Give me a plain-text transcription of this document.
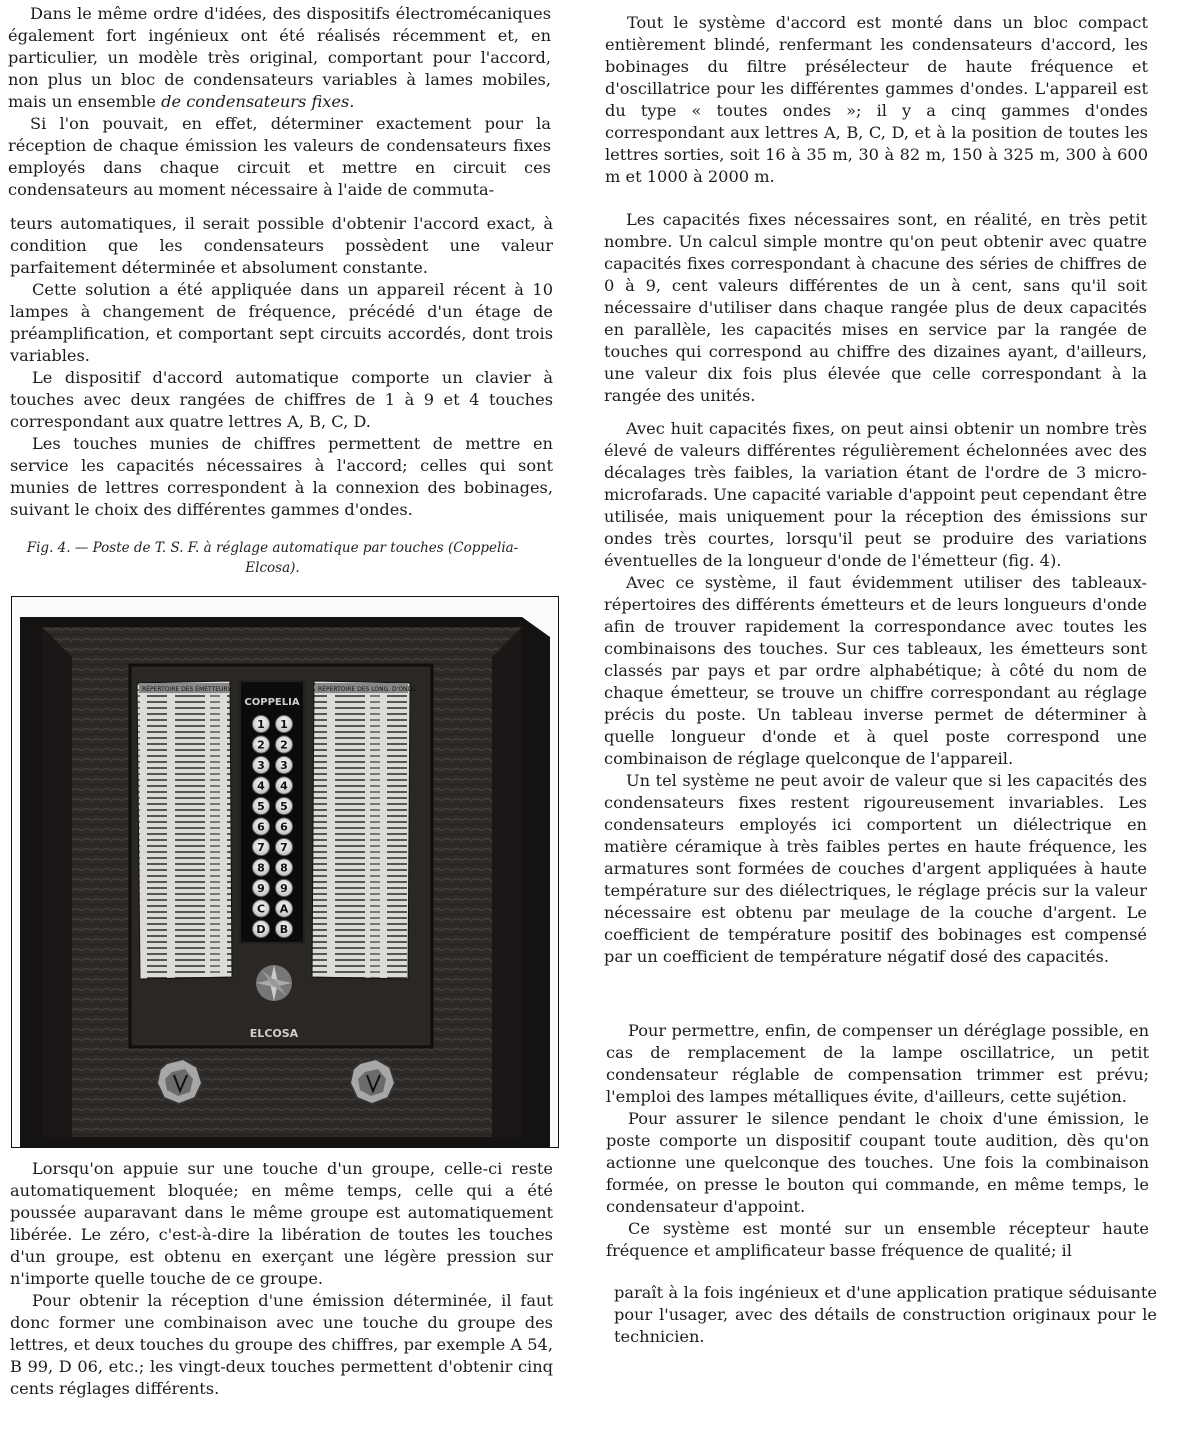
Dans le même ordre d'idées, des dispositifs électromécaniques également fort ingénieux ont été réalisés récemment et, en particulier, un modèle très original, comportant pour l'accord, non plus un bloc de condensateurs variables à lames mobiles, mais un ensemble de condensateurs fixes.

Si l'on pouvait, en effet, déterminer exactement pour la réception de chaque émission les valeurs de condensateurs fixes employés dans chaque circuit et mettre en circuit ces condensateurs au moment nécessaire à l'aide de commuta-

teurs automatiques, il serait possible d'obtenir l'accord exact, à condition que les condensateurs possèdent une valeur parfaitement déterminée et absolument constante.

Cette solution a été appliquée dans un appareil récent à 10 lampes à changement de fréquence, précédé d'un étage de préamplification, et comportant sept circuits accordés, dont trois variables.

Le dispositif d'accord automatique comporte un clavier à touches avec deux rangées de chiffres de 1 à 9 et 4 touches correspondant aux quatre lettres A, B, C, D.

Les touches munies de chiffres permettent de mettre en service les capacités nécessaires à l'accord; celles qui sont munies de lettres correspondent à la connexion des bobinages, suivant le choix des différentes gammes d'ondes.

Fig. 4. — Poste de T. S. F. à réglage automatique par touches (Coppelia-Elcosa).
RÉPERTOIRE DES ÉMETTEURS	RÉPERTOIRE DES LONG. D'ONDE
COPPELIA
1 1
2 2
3 3
4 4
5 5
6 6
7 7
8 8
9 9
C A
D B
ELCOSA

Lorsqu'on appuie sur une touche d'un groupe, celle-ci reste automatiquement bloquée; en même temps, celle qui a été poussée auparavant dans le même groupe est automatiquement libérée. Le zéro, c'est-à-dire la libération de toutes les touches d'un groupe, est obtenu en exerçant une légère pression sur n'importe quelle touche de ce groupe.

Pour obtenir la réception d'une émission déterminée, il faut donc former une combinaison avec une touche du groupe des lettres, et deux touches du groupe des chiffres, par exemple A 54, B 99, D 06, etc.; les vingt-deux touches permettent d'obtenir cinq cents réglages différents.

Tout le système d'accord est monté dans un bloc compact entièrement blindé, renfermant les condensateurs d'accord, les bobinages du filtre présélecteur de haute fréquence et d'oscillatrice pour les différentes gammes d'ondes. L'appareil est du type « toutes ondes »; il y a cinq gammes d'ondes correspondant aux lettres A, B, C, D, et à la position de toutes les lettres sorties, soit 16 à 35 m, 30 à 82 m, 150 à 325 m, 300 à 600 m et 1000 à 2000 m.

Les capacités fixes nécessaires sont, en réalité, en très petit nombre. Un calcul simple montre qu'on peut obtenir avec quatre capacités fixes correspondant à chacune des séries de chiffres de 0 à 9, cent valeurs différentes de un à cent, sans qu'il soit nécessaire d'utiliser dans chaque rangée plus de deux capacités en parallèle, les capacités mises en service par la rangée de touches qui correspond au chiffre des dizaines ayant, d'ailleurs, une valeur dix fois plus élevée que celle correspondant à la rangée des unités.

Avec huit capacités fixes, on peut ainsi obtenir un nombre très élevé de valeurs différentes régulièrement échelonnées avec des décalages très faibles, la variation étant de l'ordre de 3 micro-microfarads. Une capacité variable d'appoint peut cependant être utilisée, mais uniquement pour la réception des émissions sur ondes très courtes, lorsqu'il peut se produire des variations éventuelles de la longueur d'onde de l'émetteur (fig. 4).

Avec ce système, il faut évidemment utiliser des tableaux-répertoires des différents émetteurs et de leurs longueurs d'onde afin de trouver rapidement la correspondance avec toutes les combinaisons des touches. Sur ces tableaux, les émetteurs sont classés par pays et par ordre alphabétique; à côté du nom de chaque émetteur, se trouve un chiffre correspondant au réglage précis du poste. Un tableau inverse permet de déterminer à quelle longueur d'onde et à quel poste correspond une combinaison de réglage quelconque de l'appareil.

Un tel système ne peut avoir de valeur que si les capacités des condensateurs fixes restent rigoureusement invariables. Les condensateurs employés ici comportent un diélectrique en matière céramique à très faibles pertes en haute fréquence, les armatures sont formées de couches d'argent appliquées à haute température sur des diélectriques, le réglage précis sur la valeur nécessaire est obtenu par meulage de la couche d'argent. Le coefficient de température positif des bobinages est compensé par un coefficient de température négatif dosé des capacités.

Pour permettre, enfin, de compenser un déréglage possible, en cas de remplacement de la lampe oscillatrice, un petit condensateur réglable de compensation trimmer est prévu; l'emploi des lampes métalliques évite, d'ailleurs, cette sujétion.

Pour assurer le silence pendant le choix d'une émission, le poste comporte un dispositif coupant toute audition, dès qu'on actionne une quelconque des touches. Une fois la combinaison formée, on presse le bouton qui commande, en même temps, le condensateur d'appoint.

Ce système est monté sur un ensemble récepteur haute fréquence et amplificateur basse fréquence de qualité; il

paraît à la fois ingénieux et d'une application pratique séduisante pour l'usager, avec des détails de construction originaux pour le technicien.
